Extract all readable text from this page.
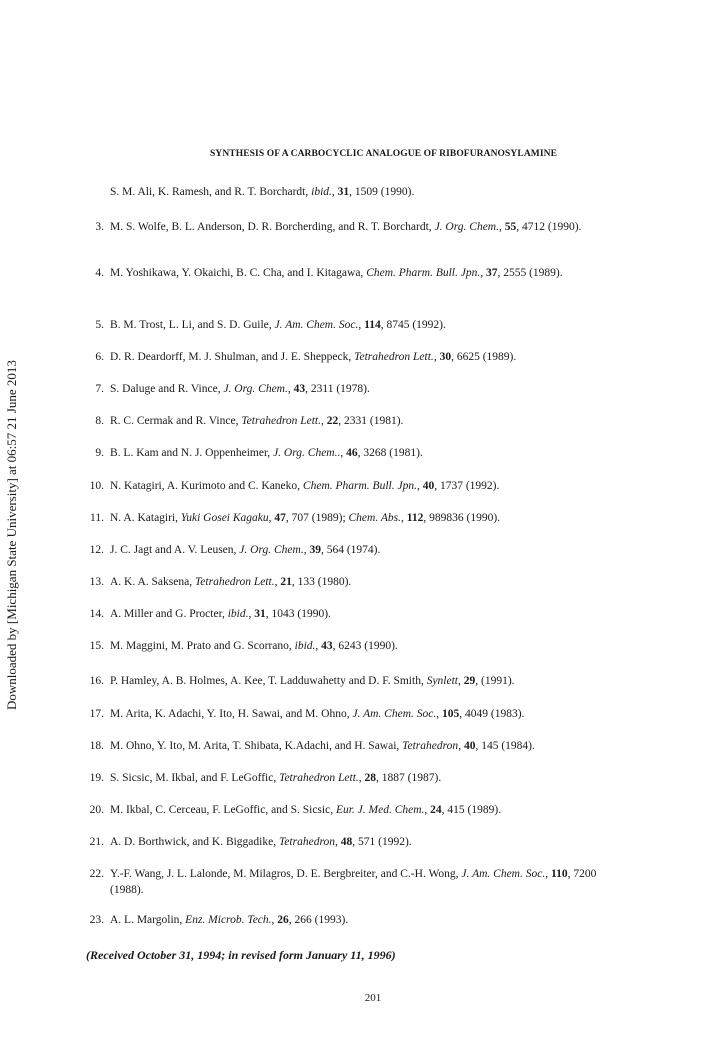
Downloaded by [Michigan State University] at 06:57 21 June 2013
SYNTHESIS OF A CARBOCYCLIC ANALOGUE OF RIBOFURANOSYLAMINE
S. M. Ali, K. Ramesh, and R. T. Borchardt, ibid., 31, 1509 (1990).
3. M. S. Wolfe, B. L. Anderson, D. R. Borcherding, and R. T. Borchardt, J. Org. Chem., 55, 4712 (1990).
4. M. Yoshikawa, Y. Okaichi, B. C. Cha, and I. Kitagawa, Chem. Pharm. Bull. Jpn., 37, 2555 (1989).
5. B. M. Trost, L. Li, and S. D. Guile, J. Am. Chem. Soc., 114, 8745 (1992).
6. D. R. Deardorff, M. J. Shulman, and J. E. Sheppeck, Tetrahedron Lett., 30, 6625 (1989).
7. S. Daluge and R. Vince, J. Org. Chem., 43, 2311 (1978).
8. R. C. Cermak and R. Vince, Tetrahedron Lett., 22, 2331 (1981).
9. B. L. Kam and N. J. Oppenheimer, J. Org. Chem.., 46, 3268 (1981).
10. N. Katagiri, A. Kurimoto and C. Kaneko, Chem. Pharm. Bull. Jpn., 40, 1737 (1992).
11. N. A. Katagiri, Yuki Gosei Kagaku, 47, 707 (1989); Chem. Abs., 112, 989836 (1990).
12. J. C. Jagt and A. V. Leusen, J. Org. Chem., 39, 564 (1974).
13. A. K. A. Saksena, Tetrahedron Lett., 21, 133 (1980).
14. A. Miller and G. Procter, ibid., 31, 1043 (1990).
15. M. Maggini, M. Prato and G. Scorrano, ibid., 43, 6243 (1990).
16. P. Hamley, A. B. Holmes, A. Kee, T. Ladduwahetty and D. F. Smith, Synlett, 29, (1991).
17. M. Arita, K. Adachi, Y. Ito, H. Sawai, and M. Ohno, J. Am. Chem. Soc., 105, 4049 (1983).
18. M. Ohno, Y. Ito, M. Arita, T. Shibata, K.Adachi, and H. Sawai, Tetrahedron, 40, 145 (1984).
19. S. Sicsic, M. Ikbal, and F. LeGoffic, Tetrahedron Lett., 28, 1887 (1987).
20. M. Ikbal, C. Cerceau, F. LeGoffic, and S. Sicsic, Eur. J. Med. Chem., 24, 415 (1989).
21. A. D. Borthwick, and K. Biggadike, Tetrahedron, 48, 571 (1992).
22. Y.-F. Wang, J. L. Lalonde, M. Milagros, D. E. Bergbreiter, and C.-H. Wong, J. Am. Chem. Soc., 110, 7200 (1988).
23. A. L. Margolin, Enz. Microb. Tech., 26, 266 (1993).
(Received October 31, 1994; in revised form January 11, 1996)
201
